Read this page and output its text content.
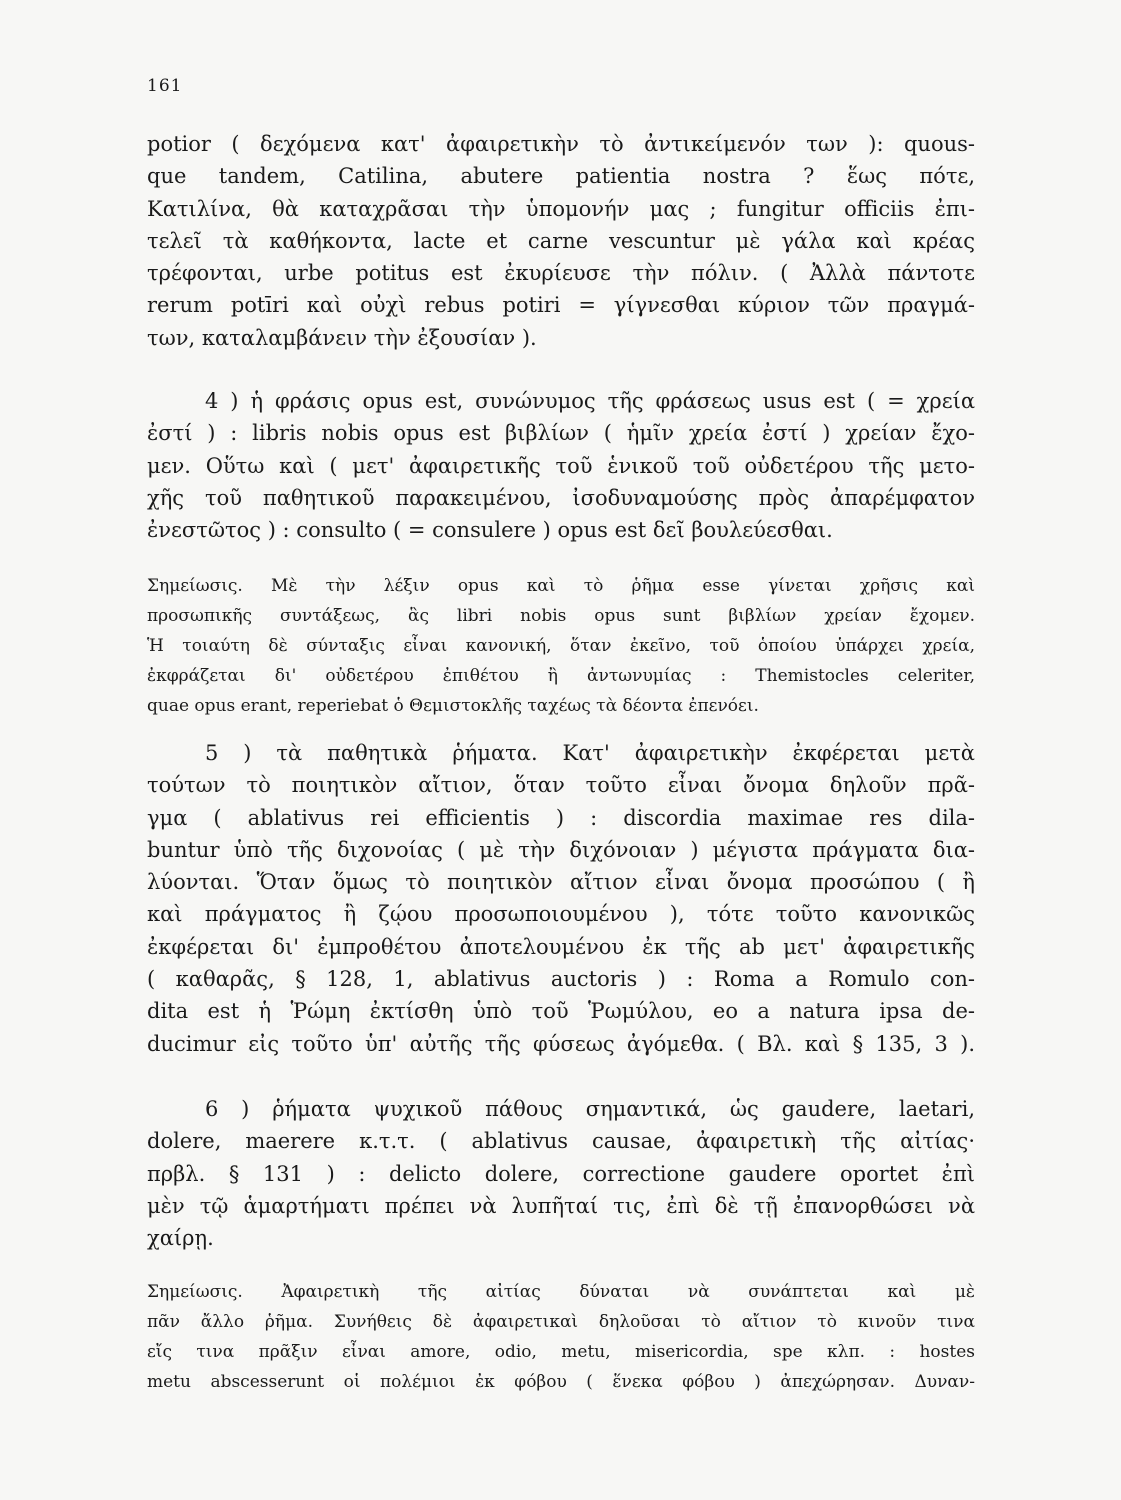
161
potior ( δεχόμενα κατ' ἀφαιρετικὴν τὸ ἀντικείμενόν των ): quous-
que tandem, Catilina, abutere patientia nostra ? ἕως πότε,
Κατιλίνα, θὰ καταχρᾶσαι τὴν ὑπομονήν μας ; fungitur officiis ἐπι-
τελεῖ τὰ καθήκοντα, lacte et carne vescuntur μὲ γάλα καὶ κρέας
τρέφονται, urbe potitus est ἐκυρίευσε τὴν πόλιν. ( Ἀλλὰ πάντοτε
rerum potīri καὶ οὐχὶ rebus potiri = γίγνεσθαι κύριον τῶν πραγμά-
των, καταλαμβάνειν τὴν ἐξουσίαν ).
4 ) ἡ φράσις opus est, συνώνυμος τῆς φράσεως usus est ( = χρεία
ἐστί ) : libris nobis opus est βιβλίων ( ἡμῖν χρεία ἐστί ) χρείαν ἔχο-
μεν. Οὕτω καὶ ( μετ' ἀφαιρετικῆς τοῦ ἑνικοῦ τοῦ οὐδετέρου τῆς μετο-
χῆς τοῦ παθητικοῦ παρακειμένου, ἰσοδυναμούσης πρὸς ἀπαρέμφατον
ἐνεστῶτος ) : consulto ( = consulere ) opus est δεῖ βουλεύεσθαι.
Σημείωσις. Μὲ τὴν λέξιν opus καὶ τὸ ῥῆμα esse γίνεται χρῆσις καὶ
προσωπικῆς συντάξεως, ἃς libri nobis opus sunt βιβλίων χρείαν ἔχομεν.
Ἡ τοιαύτη δὲ σύνταξις εἶναι κανονική, ὅταν ἐκεῖνο, τοῦ ὁποίου ὑπάρχει χρεία,
ἐκφράζεται δι' οὐδετέρου ἐπιθέτου ἢ ἀντωνυμίας : Themistocles celeriter,
quae opus erant, reperiebat ὁ Θεμιστοκλῆς ταχέως τὰ δέοντα ἐπενόει.
5 ) τὰ παθητικὰ ῥήματα. Κατ' ἀφαιρετικὴν ἐκφέρεται μετὰ
τούτων τὸ ποιητικὸν αἴτιον, ὅταν τοῦτο εἶναι ὄνομα δηλοῦν πρᾶ-
γμα ( ablativus rei efficientis ) : discordia maximae res dila-
buntur ὑπὸ τῆς διχονοίας ( μὲ τὴν διχόνοιαν ) μέγιστα πράγματα δια-
λύονται. Ὅταν ὅμως τὸ ποιητικὸν αἴτιον εἶναι ὄνομα προσώπου ( ἢ
καὶ πράγματος ἢ ζῴου προσωποιουμένου ), τότε τοῦτο κανονικῶς
ἐκφέρεται δι' ἐμπροθέτου ἀποτελουμένου ἐκ τῆς ab μετ' ἀφαιρετικῆς
( καθαρᾶς, § 128, 1, ablativus auctoris ) : Roma a Romulo con-
dita est ἡ Ῥώμη ἐκτίσθη ὑπὸ τοῦ Ῥωμύλου, eo a natura ipsa de-
ducimur εἰς τοῦτο ὑπ' αὐτῆς τῆς φύσεως ἀγόμεθα. ( Βλ. καὶ § 135, 3 ).
6 ) ῥήματα ψυχικοῦ πάθους σημαντικά, ὡς gaudere, laetari,
dolere, maerere κ.τ.τ. ( ablativus causae, ἀφαιρετικὴ τῆς αἰτίας·
πρβλ. § 131 ) : delicto dolere, correctione gaudere oportet ἐπὶ
μὲν τῷ ἁμαρτήματι πρέπει νὰ λυπῆταί τις, ἐπὶ δὲ τῇ ἐπανορθώσει νὰ
χαίρῃ.
Σημείωσις. Ἀφαιρετικὴ τῆς αἰτίας δύναται νὰ συνάπτεται καὶ μὲ
πᾶν ἄλλο ῥῆμα. Συνήθεις δὲ ἀφαιρετικαὶ δηλοῦσαι τὸ αἴτιον τὸ κινοῦν τινα
εἴς τινα πρᾶξιν εἶναι amore, odio, metu, misericordia, spe κλπ. : hostes
metu abscesserunt οἱ πολέμιοι ἐκ φόβου ( ἕνεκα φόβου ) ἀπεχώρησαν. Δυναν-
